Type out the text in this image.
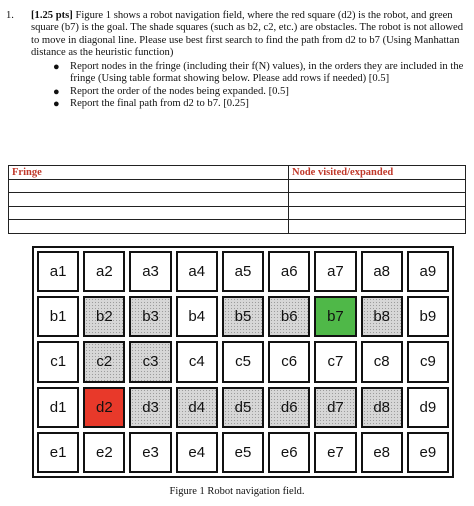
1. [1.25 pts] Figure 1 shows a robot navigation field, where the red square (d2) is the robot, and green square (b7) is the goal. The shade squares (such as b2, c2, etc.) are obstacles. The robot is not allowed to move in diagonal line. Please use best first search to find the path from d2 to b7 (Using Manhattan distance as the heuristic function)
● Report nodes in the fringe (including their f(N) values), in the orders they are included in the fringe (Using table format showing below. Please add rows if needed) [0.5]
● Report the order of the nodes being expanded. [0.5]
● Report the final path from d2 to b7. [0.25]
Fringe	Node visited/expanded

a1	a2	a3	a4	a5	a6	a7	a8	a9
b1	b2	b3	b4	b5	b6	b7	b8	b9
c1	c2	c3	c4	c5	c6	c7	c8	c9
d1	d2	d3	d4	d5	d6	d7	d8	d9
e1	e2	e3	e4	e5	e6	e7	e8	e9
Figure 1 Robot navigation field.
